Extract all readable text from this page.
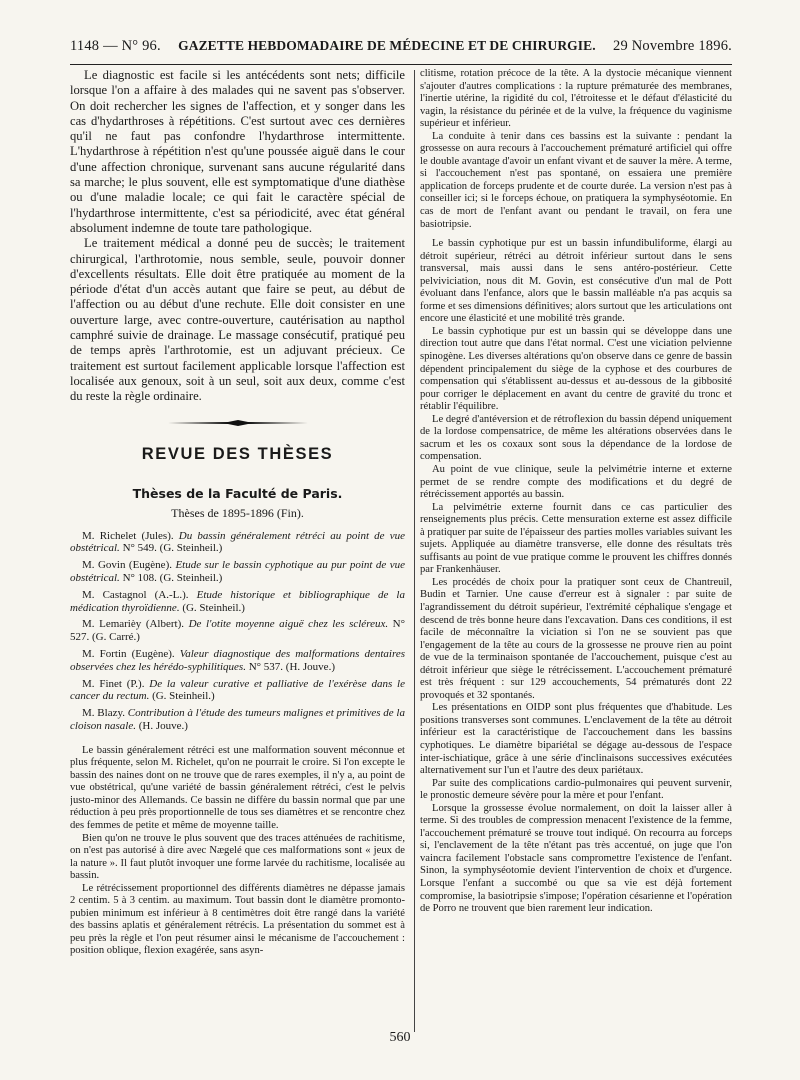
1148 — N° 96. GAZETTE HEBDOMADAIRE DE MÉDECINE ET DE CHIRURGIE. 29 Novembre 1896.

Le diagnostic est facile si les antécédents sont nets; difficile lorsque l'on a affaire à des malades qui ne savent pas s'observer. On doit rechercher les signes de l'affection, et y songer dans les cas d'hydarthroses à répétitions. C'est surtout avec ces dernières qu'il ne faut pas confondre l'hydarthrose intermittente. L'hydarthrose à répétition n'est qu'une poussée aiguë dans le cour d'une affection chronique, survenant sans aucune régularité dans sa marche; le plus souvent, elle est symptomatique d'une diathèse ou d'une maladie locale; ce qui fait le caractère spécial de l'hydarthrose intermittente, c'est sa périodicité, avec état général absolument indemne de toute tare pathologique.

Le traitement médical a donné peu de succès; le traitement chirurgical, l'arthrotomie, nous semble, seule, pouvoir donner d'excellents résultats. Elle doit être pratiquée au moment de la période d'état d'un accès autant que faire se peut, au début de l'affection ou au début d'une rechute. Elle doit consister en une ouverture large, avec contre-ouverture, cautérisation au napthol camphré suivie de drainage. Le massage consécutif, pratiqué peu de temps après l'arthrotomie, est un adjuvant précieux. Ce traitement est surtout facilement applicable lorsque l'affection est localisée aux genoux, soit à un seul, soit aux deux, comme c'est du reste la règle ordinaire.

REVUE DES THÈSES
Thèses de la Faculté de Paris.
Thèses de 1895-1896 (Fin).

M. Richelet (Jules). Du bassin généralement rétréci au point de vue obstétrical. N° 549. (G. Steinheil.)

M. Govin (Eugène). Etude sur le bassin cyphotique au pur point de vue obstétrical. N° 108. (G. Steinheil.)

M. Castagnol (A.-L.). Etude historique et bibliographique de la médication thyroïdienne. (G. Steinheil.)

M. Lemarièy (Albert). De l'otite moyenne aiguë chez les scléreux. N° 527. (G. Carré.)

M. Fortin (Eugène). Valeur diagnostique des malformations dentaires observées chez les hérédo-syphilitiques. N° 537. (H. Jouve.)

M. Finet (P.). De la valeur curative et palliative de l'exérèse dans le cancer du rectum. (G. Steinheil.)

M. Blazy. Contribution à l'étude des tumeurs malignes et primitives de la cloison nasale. (H. Jouve.)

Le bassin généralement rétréci est une malformation souvent méconnue et plus fréquente, selon M. Richelet, qu'on ne pourrait le croire. Si l'on excepte le bassin des naines dont on ne trouve que de rares exemples, il n'y a, au point de vue obstétrical, qu'une variété de bassin généralement rétréci, c'est le pelvis justo-minor des Allemands. Ce bassin ne diffère du bassin normal que par une réduction à peu près proportionnelle de tous ses diamètres et se rencontre chez des femmes de petite et même de moyenne taille.

Bien qu'on ne trouve le plus souvent que des traces atténuées de rachitisme, on n'est pas autorisé à dire avec Nægelé que ces malformations sont « jeux de la nature ». Il faut plutôt invoquer une forme larvée du rachitisme, localisée au bassin.

Le rétrécissement proportionnel des différents diamètres ne dépasse jamais 2 centim. 5 à 3 centim. au maximum. Tout bassin dont le diamètre promonto-pubien minimum est inférieur à 8 centimètres doit être rangé dans la variété des bassins aplatis et généralement rétrécis. La présentation du sommet est à peu près la règle et l'on peut résumer ainsi le mécanisme de l'accouchement : position oblique, flexion exagérée, sans asyn-

clitisme, rotation précoce de la tête. A la dystocie mécanique viennent s'ajouter d'autres complications : la rupture prématurée des membranes, l'inertie utérine, la rigidité du col, l'étroitesse et le défaut d'élasticité du vagin, la résistance du périnée et de la vulve, la fréquence du vaginisme supérieur et inférieur.

La conduite à tenir dans ces bassins est la suivante : pendant la grossesse on aura recours à l'accouchement prématuré artificiel qui offre le double avantage d'avoir un enfant vivant et de sauver la mère. A terme, si l'accouchement n'est pas spontané, on essaiera une première application de forceps prudente et de courte durée. La version n'est pas à conseiller ici; si le forceps échoue, on pratiquera la symphyséotomie. En cas de mort de l'enfant avant ou pendant le travail, on fera une basiotripsie.

Le bassin cyphotique pur est un bassin infundibuliforme, élargi au détroit supérieur, rétréci au détroit inférieur surtout dans le sens transversal, mais aussi dans le sens antéro-postérieur. Cette pelviviciation, nous dit M. Govin, est consécutive d'un mal de Pott évoluant dans l'enfance, alors que le bassin malléable n'a pas acquis sa forme et ses dimensions définitives; alors surtout que les articulations ont encore une élasticité et une mobilité très grande.

Le bassin cyphotique pur est un bassin qui se développe dans une direction tout autre que dans l'état normal. C'est une viciation pelvienne spinogène. Les diverses altérations qu'on observe dans ce genre de bassin dépendent principalement du siège de la cyphose et des courbures de compensation qui s'établissent au-dessus et au-dessous de la gibbosité pour corriger le déplacement en avant du centre de gravité du tronc et rétablir l'équilibre.

Le degré d'antéversion et de rétroflexion du bassin dépend uniquement de la lordose compensatrice, de même les altérations observées dans le sacrum et les os coxaux sont sous la dépendance de la lordose de compensation.

Au point de vue clinique, seule la pelvimétrie interne et externe permet de se rendre compte des modifications et du degré de rétrécissement apportés au bassin.

La pelvimétrie externe fournit dans ce cas particulier des renseignements plus précis. Cette mensuration externe est assez difficile à pratiquer par suite de l'épaisseur des parties molles variables suivant les sujets. Appliquée au diamètre transverse, elle donne des résultats très suffisants au point de vue pratique comme le prouvent les chiffres donnés par Frankenhäuser.

Les procédés de choix pour la pratiquer sont ceux de Chantreuil, Budin et Tarnier. Une cause d'erreur est à signaler : par suite de l'agrandissement du détroit supérieur, l'extrémité céphalique s'engage et descend de très bonne heure dans l'excavation. Dans ces conditions, il est facile de méconnaître la viciation si l'on ne se souvient pas que l'engagement de la tête au cours de la grossesse ne prouve rien au point de vue de la terminaison spontanée de l'accouchement, puisque c'est au détroit inférieur que siège le rétrécissement. L'accouchement prématuré est très fréquent : sur 129 accouchements, 54 prématurés dont 22 provoqués et 32 spontanés.

Les présentations en OIDP sont plus fréquentes que d'habitude. Les positions transverses sont communes. L'enclavement de la tête au détroit inférieur est la caractéristique de l'accouchement dans les bassins cyphotiques. Le diamètre bipariétal se dégage au-dessous de l'espace inter-ischiatique, grâce à une série d'inclinaisons successives exécutées alternativement sur l'un et l'autre des deux pariétaux.

Par suite des complications cardio-pulmonaires qui peuvent survenir, le pronostic demeure sévère pour la mère et pour l'enfant.

Lorsque la grossesse évolue normalement, on doit la laisser aller à terme. Si des troubles de compression menacent l'existence de la femme, l'accouchement prématuré se trouve tout indiqué. On recourra au forceps si, l'enclavement de la tête n'étant pas très accentué, on juge que l'on vaincra facilement l'obstacle sans compromettre l'existence de l'enfant. Sinon, la symphyséotomie devient l'intervention de choix et d'urgence. Lorsque l'enfant a succombé ou que sa vie est déjà fortement compromise, la basiotripsie s'impose; l'opération césarienne et l'opération de Porro ne trouvent que bien rarement leur indication.

560
